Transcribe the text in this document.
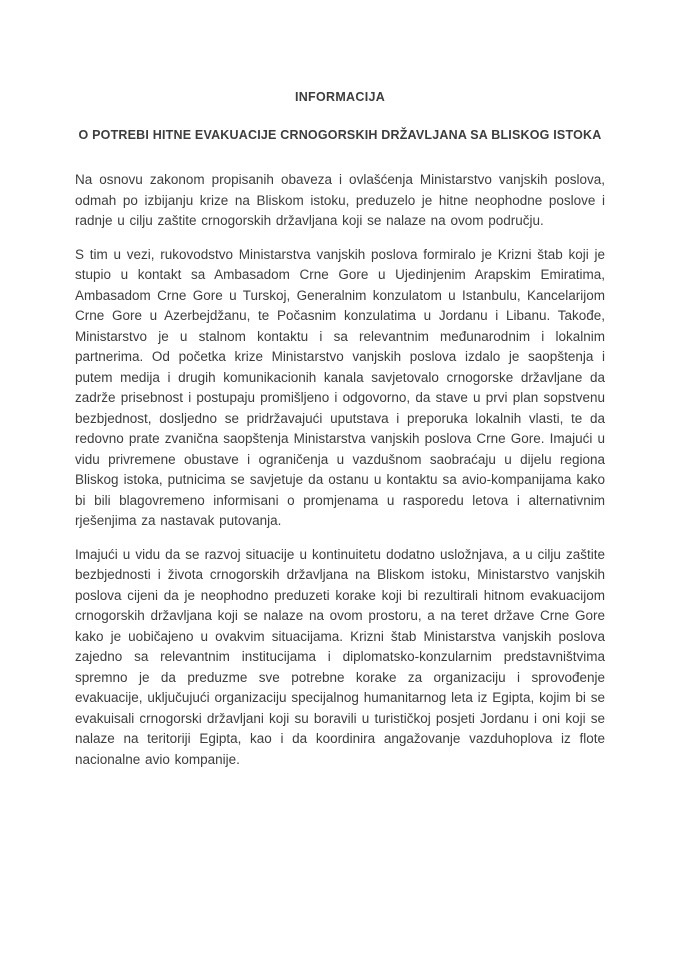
INFORMACIJA
O POTREBI HITNE EVAKUACIJE CRNOGORSKIH DRŽAVLJANA SA BLISKOG ISTOKA

Na osnovu zakonom propisanih obaveza i ovlašćenja Ministarstvo vanjskih poslova, odmah po izbijanju krize na Bliskom istoku, preduzelo je hitne neophodne poslove i radnje u cilju zaštite crnogorskih državljana koji se nalaze na ovom području.

S tim u vezi, rukovodstvo Ministarstva vanjskih poslova formiralo je Krizni štab koji je stupio u kontakt sa Ambasadom Crne Gore u Ujedinjenim Arapskim Emiratima, Ambasadom Crne Gore u Turskoj, Generalnim konzulatom u Istanbulu, Kancelarijom Crne Gore u Azerbejdžanu, te Počasnim konzulatima u Jordanu i Libanu. Takođe, Ministarstvo je u stalnom kontaktu i sa relevantnim međunarodnim i lokalnim partnerima. Od početka krize Ministarstvo vanjskih poslova izdalo je saopštenja i putem medija i drugih komunikacionih kanala savjetovalo crnogorske državljane da zadrže prisebnost i postupaju promišljeno i odgovorno, da stave u prvi plan sopstvenu bezbjednost, dosljedno se pridržavajući uputstava i preporuka lokalnih vlasti, te da redovno prate zvanična saopštenja Ministarstva vanjskih poslova Crne Gore. Imajući u vidu privremene obustave i ograničenja u vazdušnom saobraćaju u dijelu regiona Bliskog istoka, putnicima se savjetuje da ostanu u kontaktu sa avio-kompanijama kako bi bili blagovremeno informisani o promjenama u rasporedu letova i alternativnim rješenjima za nastavak putovanja.

Imajući u vidu da se razvoj situacije u kontinuitetu dodatno usložnjava, a u cilju zaštite bezbjednosti i života crnogorskih državljana na Bliskom istoku, Ministarstvo vanjskih poslova cijeni da je neophodno preduzeti korake koji bi rezultirali hitnom evakuacijom crnogorskih državljana koji se nalaze na ovom prostoru, a na teret države Crne Gore kako je uobičajeno u ovakvim situacijama. Krizni štab Ministarstva vanjskih poslova zajedno sa relevantnim institucijama i diplomatsko-konzularnim predstavništvima spremno je da preduzme sve potrebne korake za organizaciju i sprovođenje evakuacije, uključujući organizaciju specijalnog humanitarnog leta iz Egipta, kojim bi se evakuisali crnogorski državljani koji su boravili u turističkoj posjeti Jordanu i oni koji se nalaze na teritoriji Egipta, kao i da koordinira angažovanje vazduhoplova iz flote nacionalne avio kompanije.
